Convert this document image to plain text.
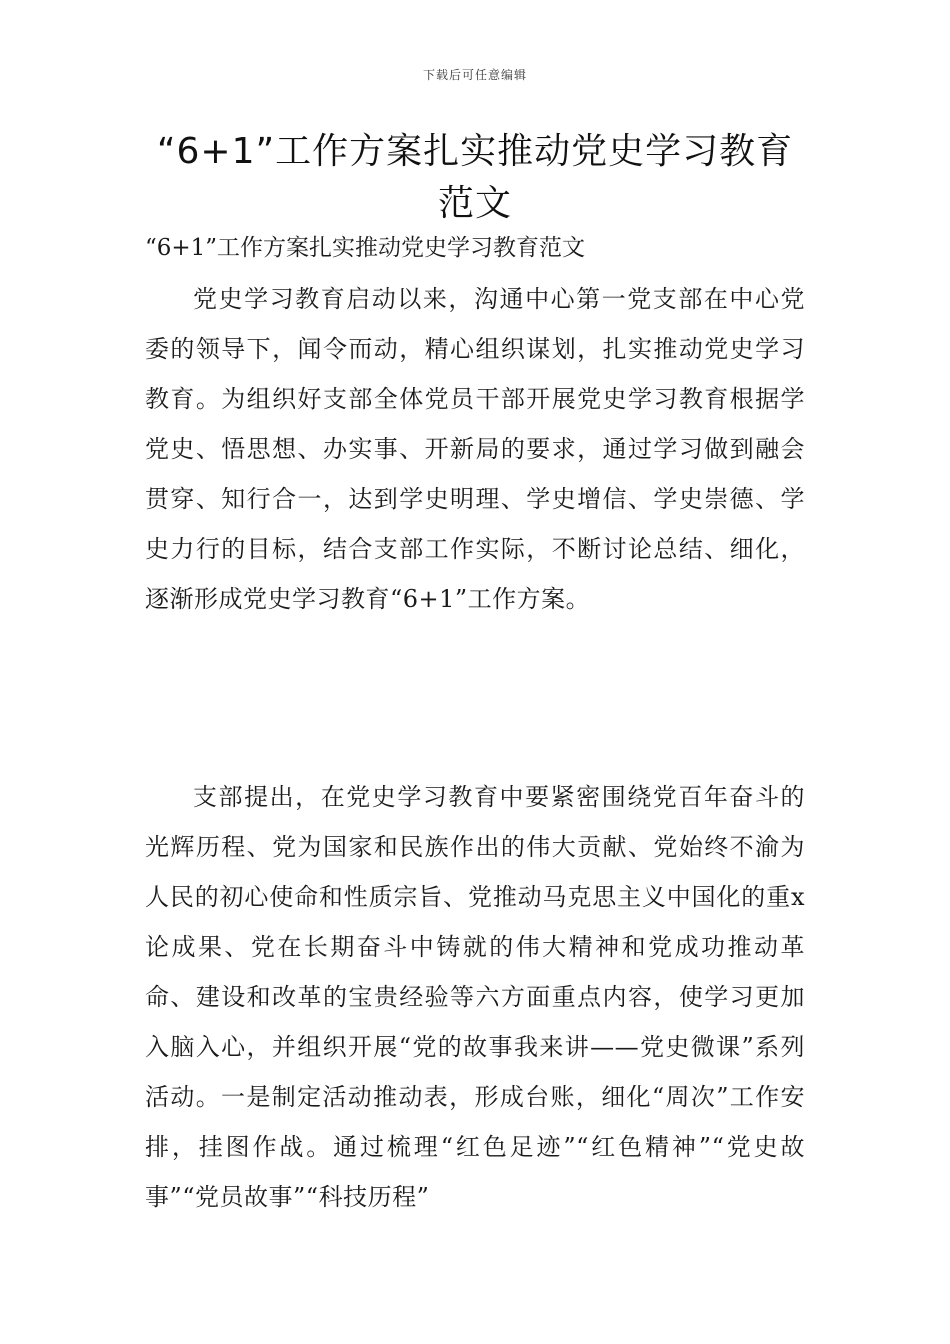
下载后可任意编辑
“6+1”工作方案扎实推动党史学习教育范文

“6+1”工作方案扎实推动党史学习教育范文

党史学习教育启动以来，沟通中心第一党支部在中心党委的领导下，闻令而动，精心组织谋划，扎实推动党史学习教育。为组织好支部全体党员干部开展党史学习教育根据学党史、悟思想、办实事、开新局的要求，通过学习做到融会贯穿、知行合一，达到学史明理、学史增信、学史崇德、学史力行的目标，结合支部工作实际，不断讨论总结、细化，逐渐形成党史学习教育“6+1”工作方案。

支部提出，在党史学习教育中要紧密围绕党百年奋斗的光辉历程、党为国家和民族作出的伟大贡献、党始终不渝为人民的初心使命和性质宗旨、党推动马克思主义中国化的重x论成果、党在长期奋斗中铸就的伟大精神和党成功推动革命、建设和改革的宝贵经验等六方面重点内容，使学习更加入脑入心，并组织开展“党的故事我来讲——党史微课”系列活动。一是制定活动推动表，形成台账，细化“周次”工作安排，挂图作战。通过梳理“红色足迹”“红色精神”“党史故事”“党员故事”“科技历程”
